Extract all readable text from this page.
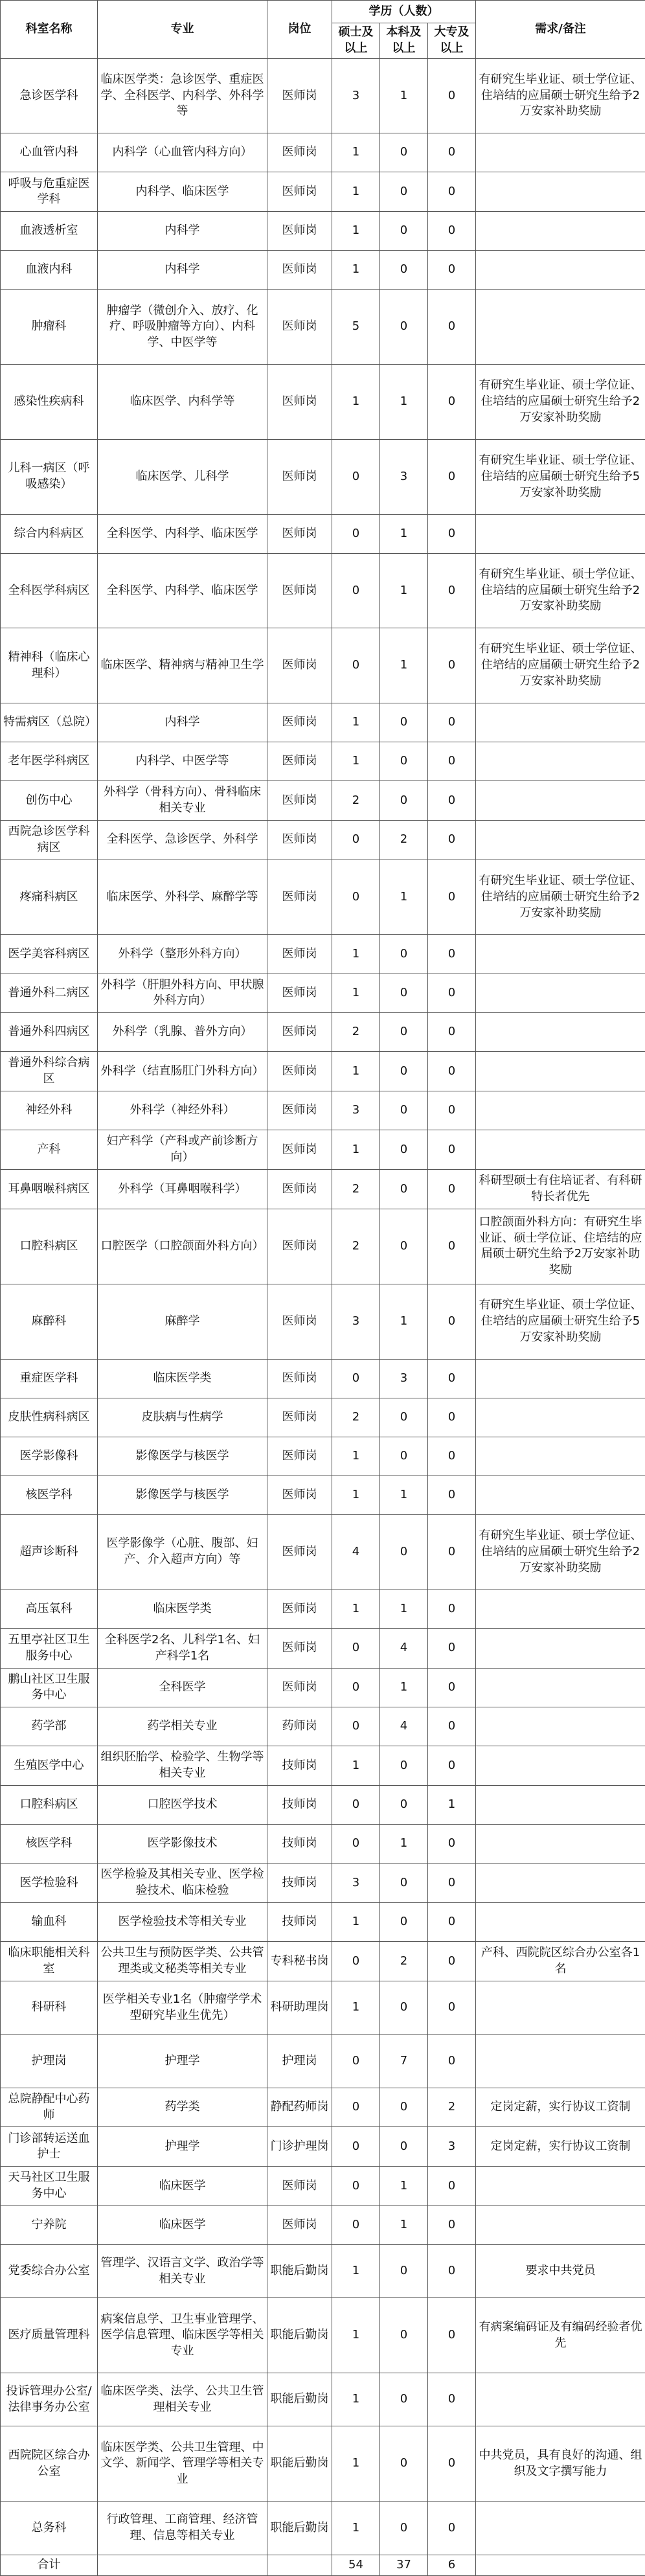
科室名称	专业	岗位	学历（人数）			需求/备注
			硕士及以上	本科及以上	大专及以上	
急诊医学科	临床医学类：急诊医学、重症医学、全科医学、内科学、外科学等	医师岗	3	1	0	有研究生毕业证、硕士学位证、住培结的应届硕士研究生给予2万安家补助奖励
心血管内科	内科学（心血管内科方向）	医师岗	1	0	0	
呼吸与危重症医学科	内科学、临床医学	医师岗	1	0	0	
血液透析室	内科学	医师岗	1	0	0	
血液内科	内科学	医师岗	1	0	0	
肿瘤科	肿瘤学（微创介入、放疗、化疗、呼吸肿瘤等方向）、内科学、中医学等	医师岗	5	0	0	
感染性疾病科	临床医学、内科学等	医师岗	1	1	0	有研究生毕业证、硕士学位证、住培结的应届硕士研究生给予2万安家补助奖励
儿科一病区（呼吸感染）	临床医学、儿科学	医师岗	0	3	0	有研究生毕业证、硕士学位证、住培结的应届硕士研究生给予5万安家补助奖励
综合内科病区	全科医学、内科学、临床医学	医师岗	0	1	0	
全科医学科病区	全科医学、内科学、临床医学	医师岗	0	1	0	有研究生毕业证、硕士学位证、住培结的应届硕士研究生给予2万安家补助奖励
精神科（临床心理科）	临床医学、精神病与精神卫生学	医师岗	0	1	0	有研究生毕业证、硕士学位证、住培结的应届硕士研究生给予2万安家补助奖励
特需病区（总院）	内科学	医师岗	1	0	0	
老年医学科病区	内科学、中医学等	医师岗	1	0	0	
创伤中心	外科学（骨科方向）、骨科临床相关专业	医师岗	2	0	0	
西院急诊医学科病区	全科医学、急诊医学、外科学	医师岗	0	2	0	
疼痛科病区	临床医学、外科学、麻醉学等	医师岗	0	1	0	有研究生毕业证、硕士学位证、住培结的应届硕士研究生给予2万安家补助奖励
医学美容科病区	外科学（整形外科方向）	医师岗	1	0	0	
普通外科二病区	外科学（肝胆外科方向、甲状腺外科方向）	医师岗	1	0	0	
普通外科四病区	外科学（乳腺、普外方向）	医师岗	2	0	0	
普通外科综合病区	外科学（结直肠肛门外科方向）	医师岗	1	0	0	
神经外科	外科学（神经外科）	医师岗	3	0	0	
产科	妇产科学（产科或产前诊断方向）	医师岗	1	0	0	
耳鼻咽喉科病区	外科学（耳鼻咽喉科学）	医师岗	2	0	0	科研型硕士有住培证者、有科研特长者优先
口腔科病区	口腔医学（口腔颌面外科方向）	医师岗	2	0	0	口腔颌面外科方向：有研究生毕业证、硕士学位证、住培结的应届硕士研究生给予2万安家补助奖励
麻醉科	麻醉学	医师岗	3	1	0	有研究生毕业证、硕士学位证、住培结的应届硕士研究生给予5万安家补助奖励
重症医学科	临床医学类	医师岗	0	3	0	
皮肤性病科病区	皮肤病与性病学	医师岗	2	0	0	
医学影像科	影像医学与核医学	医师岗	1	0	0	
核医学科	影像医学与核医学	医师岗	1	1	0	
超声诊断科	医学影像学（心脏、腹部、妇产、介入超声方向）等	医师岗	4	0	0	有研究生毕业证、硕士学位证、住培结的应届硕士研究生给予2万安家补助奖励
高压氧科	临床医学类	医师岗	1	1	0	
五里亭社区卫生服务中心	全科医学2名、儿科学1名、妇产科学1名	医师岗	0	4	0	
鹏山社区卫生服务中心	全科医学	医师岗	0	1	0	
药学部	药学相关专业	药师岗	0	4	0	
生殖医学中心	组织胚胎学、检验学、生物学等相关专业	技师岗	1	0	0	
口腔科病区	口腔医学技术	技师岗	0	0	1	
核医学科	医学影像技术	技师岗	0	1	0	
医学检验科	医学检验及其相关专业、医学检验技术、临床检验	技师岗	3	0	0	
输血科	医学检验技术等相关专业	技师岗	1	0	0	
临床职能相关科室	公共卫生与预防医学类、公共管理类或文秘类等相关专业	专科秘书岗	0	2	0	产科、西院院区综合办公室各1名
科研科	医学相关专业1名（肿瘤学学术型研究毕业生优先）	科研助理岗	1	0	0	
护理岗	护理学	护理岗	0	7	0	
总院静配中心药师	药学类	静配药师岗	0	0	2	定岗定薪，实行协议工资制
门诊部转运送血护士	护理学	门诊护理岗	0	0	3	定岗定薪，实行协议工资制
天马社区卫生服务中心	临床医学	医师岗	0	1	0	
宁养院	临床医学	医师岗	0	1	0	
党委综合办公室	管理学、汉语言文学、政治学等相关专业	职能后勤岗	1	0	0	要求中共党员
医疗质量管理科	病案信息学、卫生事业管理学、医学信息管理、临床医学等相关专业	职能后勤岗	1	0	0	有病案编码证及有编码经验者优先
投诉管理办公室/法律事务办公室	临床医学类、法学、公共卫生管理相关专业	职能后勤岗	1	0	0	
西院院区综合办公室	临床医学类、公共卫生管理、中文学、新闻学、管理学等相关专业	职能后勤岗	1	0	0	中共党员，具有良好的沟通、组织及文字撰写能力
总务科	行政管理、工商管理、经济管理、信息等相关专业	职能后勤岗	1	0	0	
合计			54	37	6	
